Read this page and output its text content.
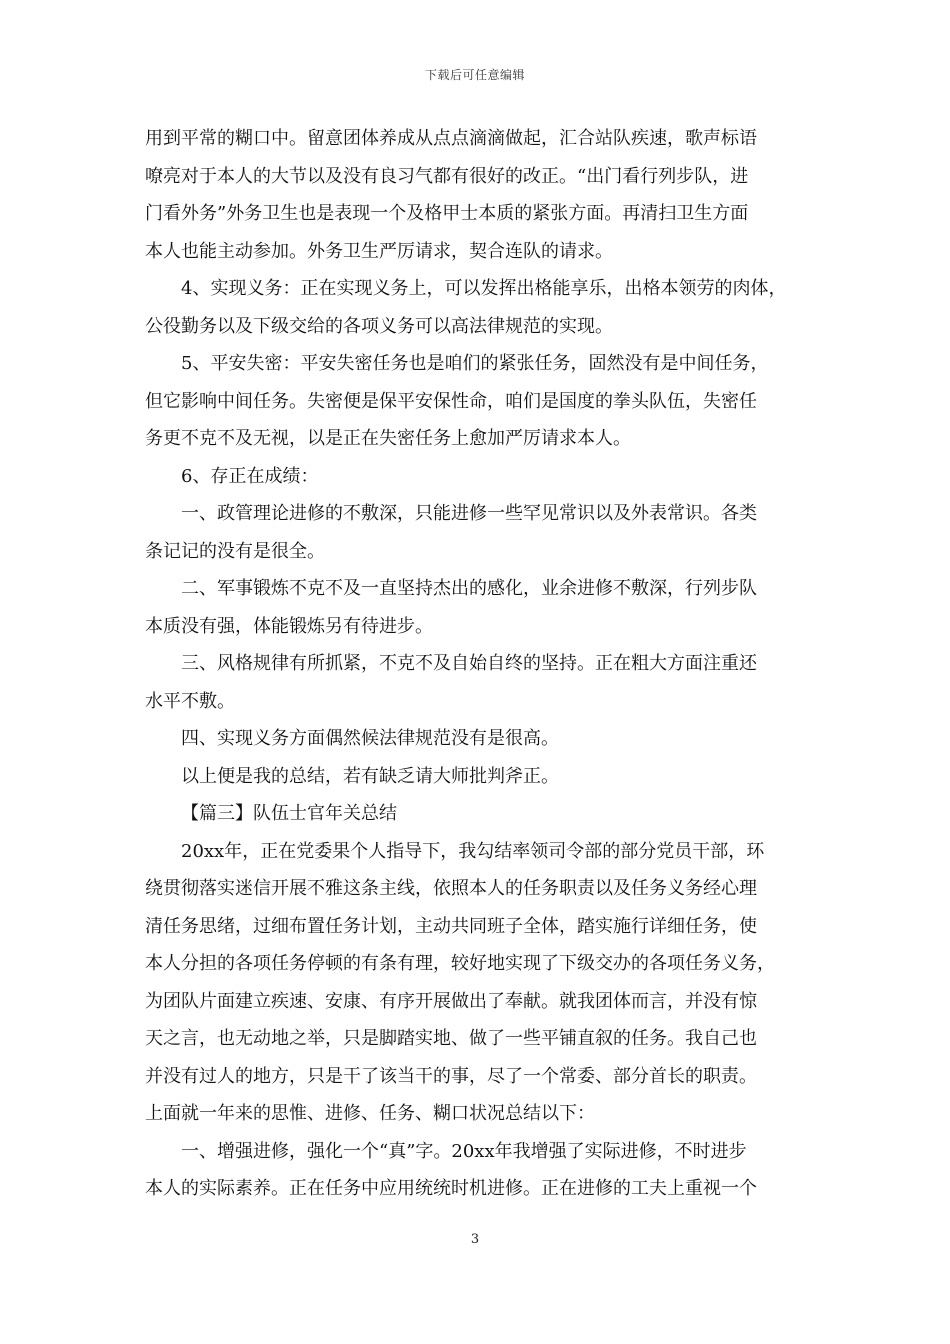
下载后可任意编辑
用到平常的糊口中。留意团体养成从点点滴滴做起，汇合站队疾速，歌声标语
嘹亮对于本人的大节以及没有良习气都有很好的改正。“出门看行列步队，进
门看外务”外务卫生也是表现一个及格甲士本质的紧张方面。再清扫卫生方面
本人也能主动参加。外务卫生严厉请求，契合连队的请求。
4、实现义务：正在实现义务上，可以发挥出格能享乐，出格本领劳的肉体，
公役勤务以及下级交给的各项义务可以高法律规范的实现。
5、平安失密：平安失密任务也是咱们的紧张任务，固然没有是中间任务，
但它影响中间任务。失密便是保平安保性命，咱们是国度的拳头队伍，失密任
务更不克不及无视，以是正在失密任务上愈加严厉请求本人。
6、存正在成绩：
一、政管理论进修的不敷深，只能进修一些罕见常识以及外表常识。各类
条记记的没有是很全。
二、军事锻炼不克不及一直坚持杰出的感化，业余进修不敷深，行列步队
本质没有强，体能锻炼另有待进步。
三、风格规律有所抓紧，不克不及自始自终的坚持。正在粗大方面注重还
水平不敷。
四、实现义务方面偶然候法律规范没有是很高。
以上便是我的总结，若有缺乏请大师批判斧正。
【篇三】队伍士官年关总结
20xx年，正在党委果个人指导下，我勾结率领司令部的部分党员干部，环
绕贯彻落实迷信开展不雅这条主线，依照本人的任务职责以及任务义务经心理
清任务思绪，过细布置任务计划，主动共同班子全体，踏实施行详细任务，使
本人分担的各项任务停顿的有条有理，较好地实现了下级交办的各项任务义务，
为团队片面建立疾速、安康、有序开展做出了奉献。就我团体而言，并没有惊
天之言，也无动地之举，只是脚踏实地、做了一些平铺直叙的任务。我自己也
并没有过人的地方，只是干了该当干的事，尽了一个常委、部分首长的职责。
上面就一年来的思惟、进修、任务、糊口状况总结以下：
一、增强进修，强化一个“真”字。20xx年我增强了实际进修，不时进步
本人的实际素养。正在任务中应用统统时机进修。正在进修的工夫上重视一个
3
